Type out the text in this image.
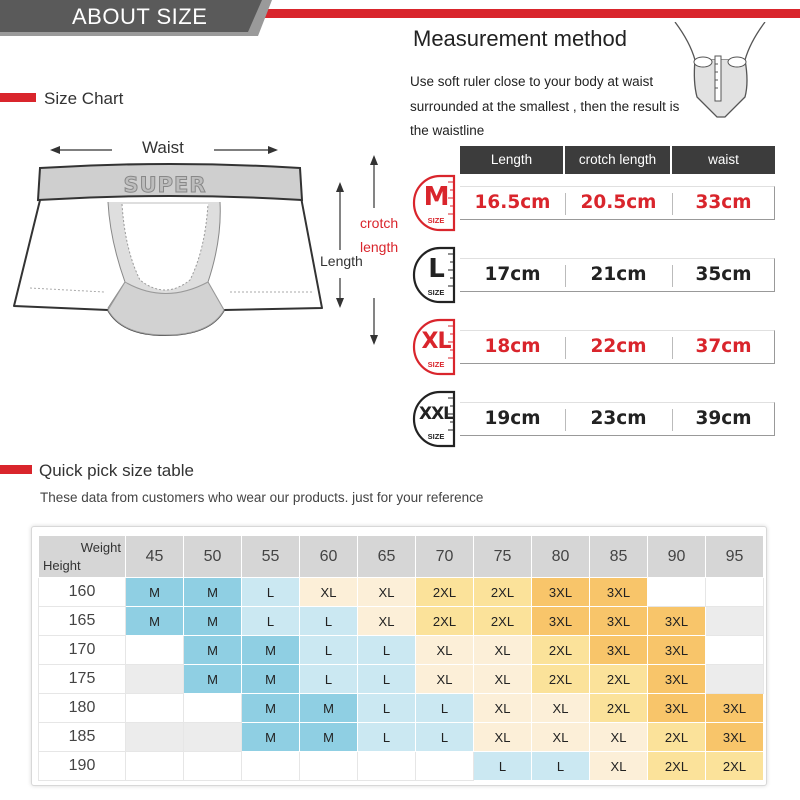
ABOUT SIZE
Size Chart
SUPER
Waist
Length
crotch
length
Measurement method
Use soft ruler close to your body at waist surrounded at the smallest , then the result is the waistline
Length	crotch length	waist
M
SIZE
16.5cm	20.5cm	33cm
L
SIZE
17cm	21cm	35cm
XL
SIZE
18cm	22cm	37cm
XXL
SIZE
19cm	23cm	39cm
Quick pick size table
These data from customers who wear our products. just for your reference
Weight
Height	45	50	55	60	65	70	75	80	85	90	95
160	M	M	L	XL	XL	2XL	2XL	3XL	3XL		
165	M	M	L	L	XL	2XL	2XL	3XL	3XL	3XL	
170		M	M	L	L	XL	XL	2XL	3XL	3XL	
175		M	M	L	L	XL	XL	2XL	2XL	3XL	
180			M	M	L	L	XL	XL	2XL	3XL	3XL
185			M	M	L	L	XL	XL	XL	2XL	3XL
190							L	L	XL	2XL	2XL
